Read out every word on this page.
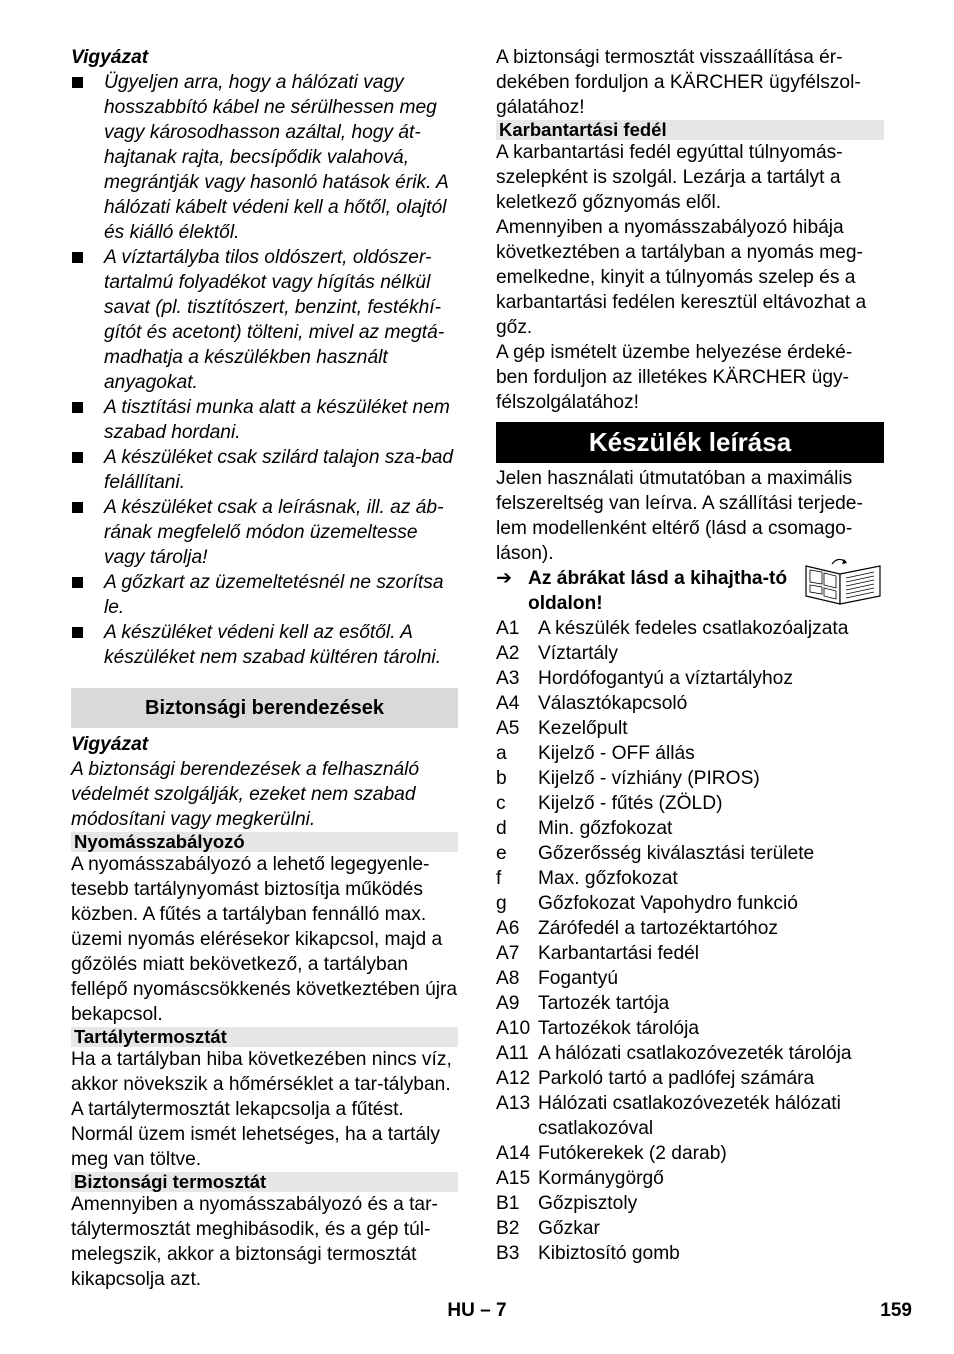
Vigyázat

Ügyeljen arra, hogy a hálózati vagy hosszabbító kábel ne sérülhessen meg vagy károsodhasson azáltal, hogy át-hajtanak rajta, becsípődik valahová, megrántják vagy hasonló hatások érik. A hálózati kábelt védeni kell a hőtől, olajtól és kiálló élektől.
A víztartályba tilos oldószert, oldószer-tartalmú folyadékot vagy hígítás nélkül savat (pl. tisztítószert, benzint, festékhí-gítót és acetont) tölteni, mivel az megtá-madhatja a készülékben használt anyagokat.
A tisztítási munka alatt a készüléket nem szabad hordani.
A készüléket csak szilárd talajon sza-bad felállítani.
A készüléket csak a leírásnak, ill. az áb-rának megfelelő módon üzemeltesse vagy tárolja!
A gőzkart az üzemeltetésnél ne szorítsa le.
A készüléket védeni kell az esőtől. A készüléket nem szabad kültéren tárolni.
Biztonsági berendezések

Vigyázat

A biztonsági berendezések a felhasználó védelmét szolgálják, ezeket nem szabad módosítani vagy megkerülni.

Nyomásszabályozó

A nyomásszabályozó a lehető legegyenle-tesebb tartálynyomást biztosítja működés közben. A fűtés a tartályban fennálló max. üzemi nyomás elérésekor kikapcsol, majd a gőzölés miatt bekövetkező, a tartályban fellépő nyomáscsökkenés következtében újra bekapcsol.

Tartálytermosztát

Ha a tartályban hiba következében nincs víz, akkor növekszik a hőmérséklet a tar-tályban. A tartálytermosztát lekapcsolja a fűtést. Normál üzem ismét lehetséges, ha a tartály meg van töltve.

Biztonsági termosztát

Amennyiben a nyomásszabályozó és a tar-tálytermosztát meghibásodik, és a gép túl-melegszik, akkor a biztonsági termosztát kikapcsolja azt.

A biztonsági termosztát visszaállítása ér-dekében forduljon a KÄRCHER ügyfélszol-gálatához!

Karbantartási fedél

A karbantartási fedél egyúttal túlnyomás-szelepként is szolgál. Lezárja a tartályt a keletkező gőznyomás elől.

Amennyiben a nyomásszabályozó hibája következtében a tartályban a nyomás meg-emelkedne, kinyit a túlnyomás szelep és a karbantartási fedélen keresztül eltávozhat a gőz.

A gép ismételt üzembe helyezése érdeké-ben forduljon az illetékes KÄRCHER ügy-félszolgálatához!

Készülék leírása

Jelen használati útmutatóban a maximális felszereltség van leírva. A szállítási terjede-lem modellenként eltérő (lásd a csomago-láson).

➔ Az ábrákat lásd a kihajtha-tó oldalon!
A1 A készülék fedeles csatlakozóaljzata
A2 Víztartály
A3 Hordófogantyú a víztartályhoz
A4 Választókapcsoló
A5 Kezelőpult
a Kijelző - OFF állás
b Kijelző - vízhiány (PIROS)
c Kijelző - fűtés (ZÖLD)
d Min. gőzfokozat
e Gőzerősség kiválasztási területe
f Max. gőzfokozat
g Gőzfokozat Vapohydro funkció
A6 Zárófedél a tartozéktartóhoz
A7 Karbantartási fedél
A8 Fogantyú
A9 Tartozék tartója
A10 Tartozékok tárolója
A11 A hálózati csatlakozóvezeték tárolója
A12 Parkoló tartó a padlófej számára
A13 Hálózati csatlakozóvezeték hálózati csatlakozóval
A14 Futókerekek (2 darab)
A15 Kormánygörgő
B1 Gőzpisztoly
B2 Gőzkar
B3 Kibiztosító gomb
HU – 7	159
